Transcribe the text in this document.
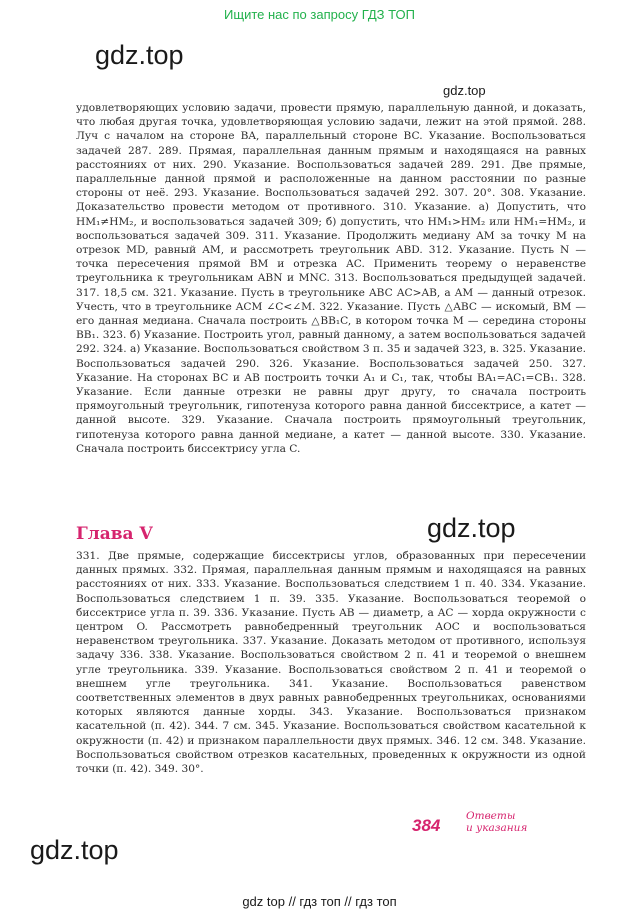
Ищите нас по запросу ГДЗ ТОП
gdz.top
gdz.top

удовлетворяющих условию задачи, провести прямую, параллельную данной, и доказать, что любая другая точка, удовлетворяющая условию задачи, лежит на этой прямой. 288. Луч с началом на стороне BA, параллельный стороне BC. Указание. Воспользоваться задачей 287. 289. Прямая, параллельная данным прямым и находящаяся на равных расстояниях от них. 290. Указание. Воспользоваться задачей 289. 291. Две прямые, параллельные данной прямой и расположенные на данном расстоянии по разные стороны от неё. 293. Указание. Воспользоваться задачей 292. 307. 20°. 308. Указание. Доказательство провести методом от противного. 310. Указание. а) Допустить, что HM₁≠HM₂, и воспользоваться задачей 309; б) допустить, что HM₁>HM₂ или HM₁=HM₂, и воспользоваться задачей 309. 311. Указание. Продолжить медиану AM за точку M на отрезок MD, равный AM, и рассмотреть треугольник ABD. 312. Указание. Пусть N — точка пересечения прямой BM и отрезка AC. Применить теорему о неравенстве треугольника к треугольникам ABN и MNC. 313. Воспользоваться предыдущей задачей. 317. 18,5 см. 321. Указание. Пусть в треугольнике ABC AC>AB, а AM — данный отрезок. Учесть, что в треугольнике ACM ∠C<∠M. 322. Указание. Пусть △ABC — искомый, BM — его данная медиана. Сначала построить △BB₁C, в котором точка M — середина стороны BB₁. 323. б) Указание. Построить угол, равный данному, а затем воспользоваться задачей 292. 324. а) Указание. Воспользоваться свойством 3 п. 35 и задачей 323, в. 325. Указание. Воспользоваться задачей 290. 326. Указание. Воспользоваться задачей 250. 327. Указание. На сторонах BC и AB построить точки A₁ и C₁, так, чтобы BA₁=AC₁=CB₁. 328. Указание. Если данные отрезки не равны друг другу, то сначала построить прямоугольный треугольник, гипотенуза которого равна данной биссектрисе, а катет — данной высоте. 329. Указание. Сначала построить прямоугольный треугольник, гипотенуза которого равна данной медиане, а катет — данной высоте. 330. Указание. Сначала построить биссектрису угла C.

Глава V	gdz.top

331. Две прямые, содержащие биссектрисы углов, образованных при пересечении данных прямых. 332. Прямая, параллельная данным прямым и находящаяся на равных расстояниях от них. 333. Указание. Воспользоваться следствием 1 п. 40. 334. Указание. Воспользоваться следствием 1 п. 39. 335. Указание. Воспользоваться теоремой о биссектрисе угла п. 39. 336. Указание. Пусть AB — диаметр, а AC — хорда окружности с центром O. Рассмотреть равнобедренный треугольник AOC и воспользоваться неравенством треугольника. 337. Указание. Доказать методом от противного, используя задачу 336. 338. Указание. Воспользоваться свойством 2 п. 41 и теоремой о внешнем угле треугольника. 339. Указание. Воспользоваться свойством 2 п. 41 и теоремой о внешнем угле треугольника. 341. Указание. Воспользоваться равенством соответственных элементов в двух равных равнобедренных треугольниках, основаниями которых являются данные хорды. 343. Указание. Воспользоваться признаком касательной (п. 42). 344. 7 см. 345. Указание. Воспользоваться свойством касательной к окружности (п. 42) и признаком параллельности двух прямых. 346. 12 см. 348. Указание. Воспользоваться свойством отрезков касательных, проведенных к окружности из одной точки (п. 42). 349. 30°.

384 Ответы
и указания
gdz.top
gdz top // гдз топ // гдз топ
